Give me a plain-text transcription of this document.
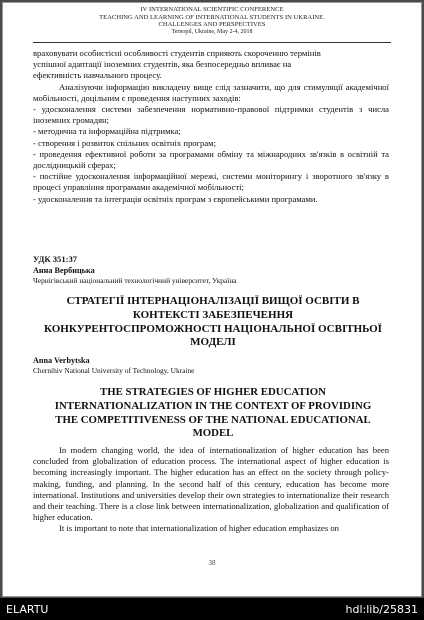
IV INTERNATIONAL SCIENTIFIC CONFERENCE
TEACHING AND LEARNING OF INTERNATIONAL STUDENTS IN UKRAINE.
CHALLENGES AND PERSPECTIVES
Ternopil, Ukraine, May 2-4, 2018

враховувати особистісні особливості студентів сприяють скороченню термінів

успішної адаптації іноземних студентів, яка безпосередньо впливає на

ефективність навчального процесу.

Аналізуючи інформацію викладену вище слід зазначити, що для стимуляції академічної мобільності, доцільним є проведення наступних заходів:

- удосконалення системи забезпечення нормативно-правової підтримки студентів з числа іноземних громадян;

- методична та інформаційна підтримка;

- створення і розвиток спільних освітніх програм;

- проведення ефективної роботи за програмами обміну та міжнародних зв'язків в освітній та дослідницькій сферах;

- постійне удосконалення інформаційної мережі, системи моніторингу і зворотного зв'язку в процесі управління програмами академічної мобільності;

- удосконалення та інтеграція освітніх програм з європейськими програмами.

УДК 351:37
Анна Вербицька
Чернігівський національний технологічний університет, Україна
СТРАТЕГІЇ ІНТЕРНАЦІОНАЛІЗАЦІЇ ВИЩОЇ ОСВІТИ В КОНТЕКСТІ ЗАБЕЗПЕЧЕННЯ КОНКУРЕНТОСПРОМОЖНОСТІ НАЦІОНАЛЬНОЇ ОСВІТНЬОЇ МОДЕЛІ
Anna Verbytska
Chernihiv National University of Technology, Ukraine
THE STRATEGIES OF HIGHER EDUCATION INTERNATIONALIZATION IN THE CONTEXT OF PROVIDING THE COMPETITIVENESS OF THE NATIONAL EDUCATIONAL MODEL

In modern changing world, the idea of internationalization of higher education has been concluded from globalization of education process. The international aspect of higher education is becoming increasingly important. The higher education has an effect on the society through policy-making, funding, and planning. In the second half of this century, education has become more international. Institutions and universities develop their own strategies to internationalize their research and their teaching. There is a close link between internationalization, globalization and qualification of higher education.

It is important to note that internationalization of higher education emphasizes on

38
ELARTU	hdl:lib/25831
